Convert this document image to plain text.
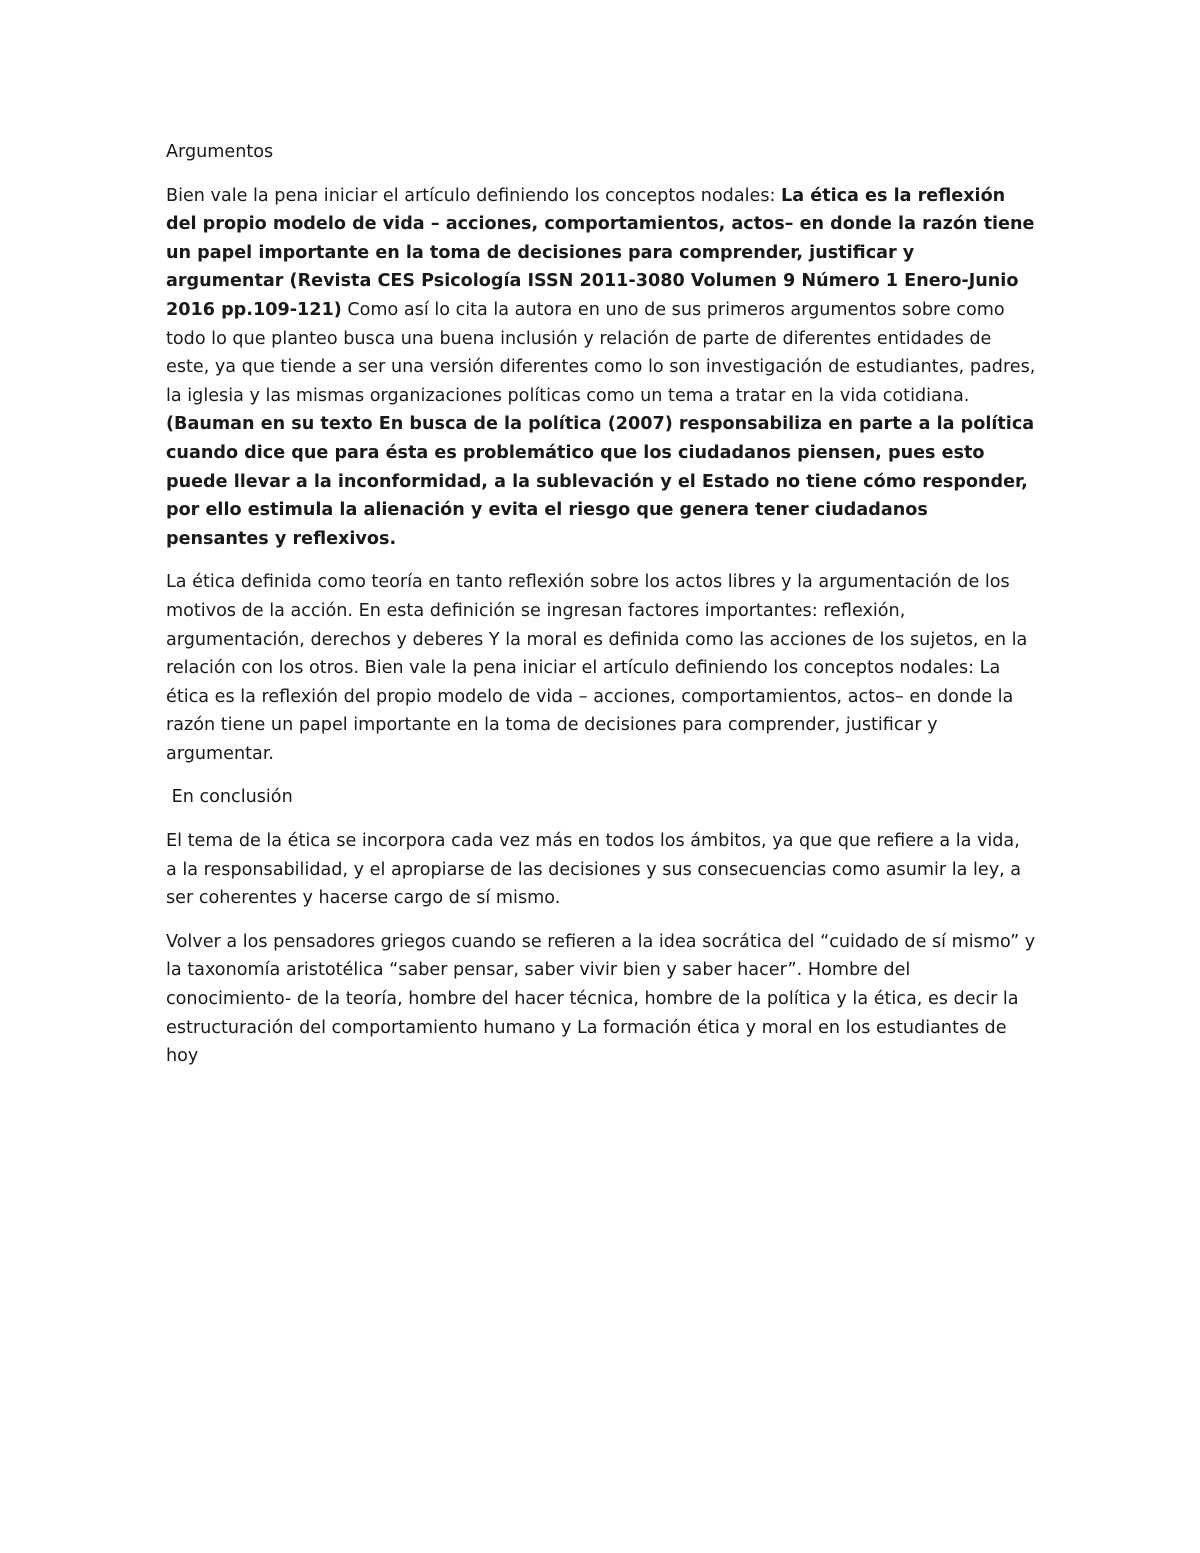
Argumentos

Bien vale la pena iniciar el artículo definiendo los conceptos nodales: La ética es la reflexión del propio modelo de vida – acciones, comportamientos, actos– en donde la razón tiene un papel importante en la toma de decisiones para comprender, justificar y argumentar (Revista CES Psicología ISSN 2011-3080 Volumen 9 Número 1 Enero-Junio 2016 pp.109-121) Como así lo cita la autora en uno de sus primeros argumentos sobre como todo lo que planteo busca una buena inclusión y relación de parte de diferentes entidades de este, ya que tiende a ser una versión diferentes como lo son investigación de estudiantes, padres, la iglesia y las mismas organizaciones políticas como un tema a tratar en la vida cotidiana. (Bauman en su texto En busca de la política (2007) responsabiliza en parte a la política cuando dice que para ésta es problemático que los ciudadanos piensen, pues esto puede llevar a la inconformidad, a la sublevación y el Estado no tiene cómo responder, por ello estimula la alienación y evita el riesgo que genera tener ciudadanos pensantes y reflexivos.

La ética definida como teoría en tanto reflexión sobre los actos libres y la argumentación de los motivos de la acción. En esta definición se ingresan factores importantes: reflexión, argumentación, derechos y deberes Y la moral es definida como las acciones de los sujetos, en la relación con los otros. Bien vale la pena iniciar el artículo definiendo los conceptos nodales: La ética es la reflexión del propio modelo de vida – acciones, comportamientos, actos– en donde la razón tiene un papel importante en la toma de decisiones para comprender, justificar y argumentar.

En conclusión

El tema de la ética se incorpora cada vez más en todos los ámbitos, ya que que refiere a la vida, a la responsabilidad, y el apropiarse de las decisiones y sus consecuencias como asumir la ley, a ser coherentes y hacerse cargo de sí mismo.

Volver a los pensadores griegos cuando se refieren a la idea socrática del “cuidado de sí mismo” y la taxonomía aristotélica “saber pensar, saber vivir bien y saber hacer”. Hombre del conocimiento- de la teoría, hombre del hacer técnica, hombre de la política y la ética, es decir la estructuración del comportamiento humano y La formación ética y moral en los estudiantes de hoy
